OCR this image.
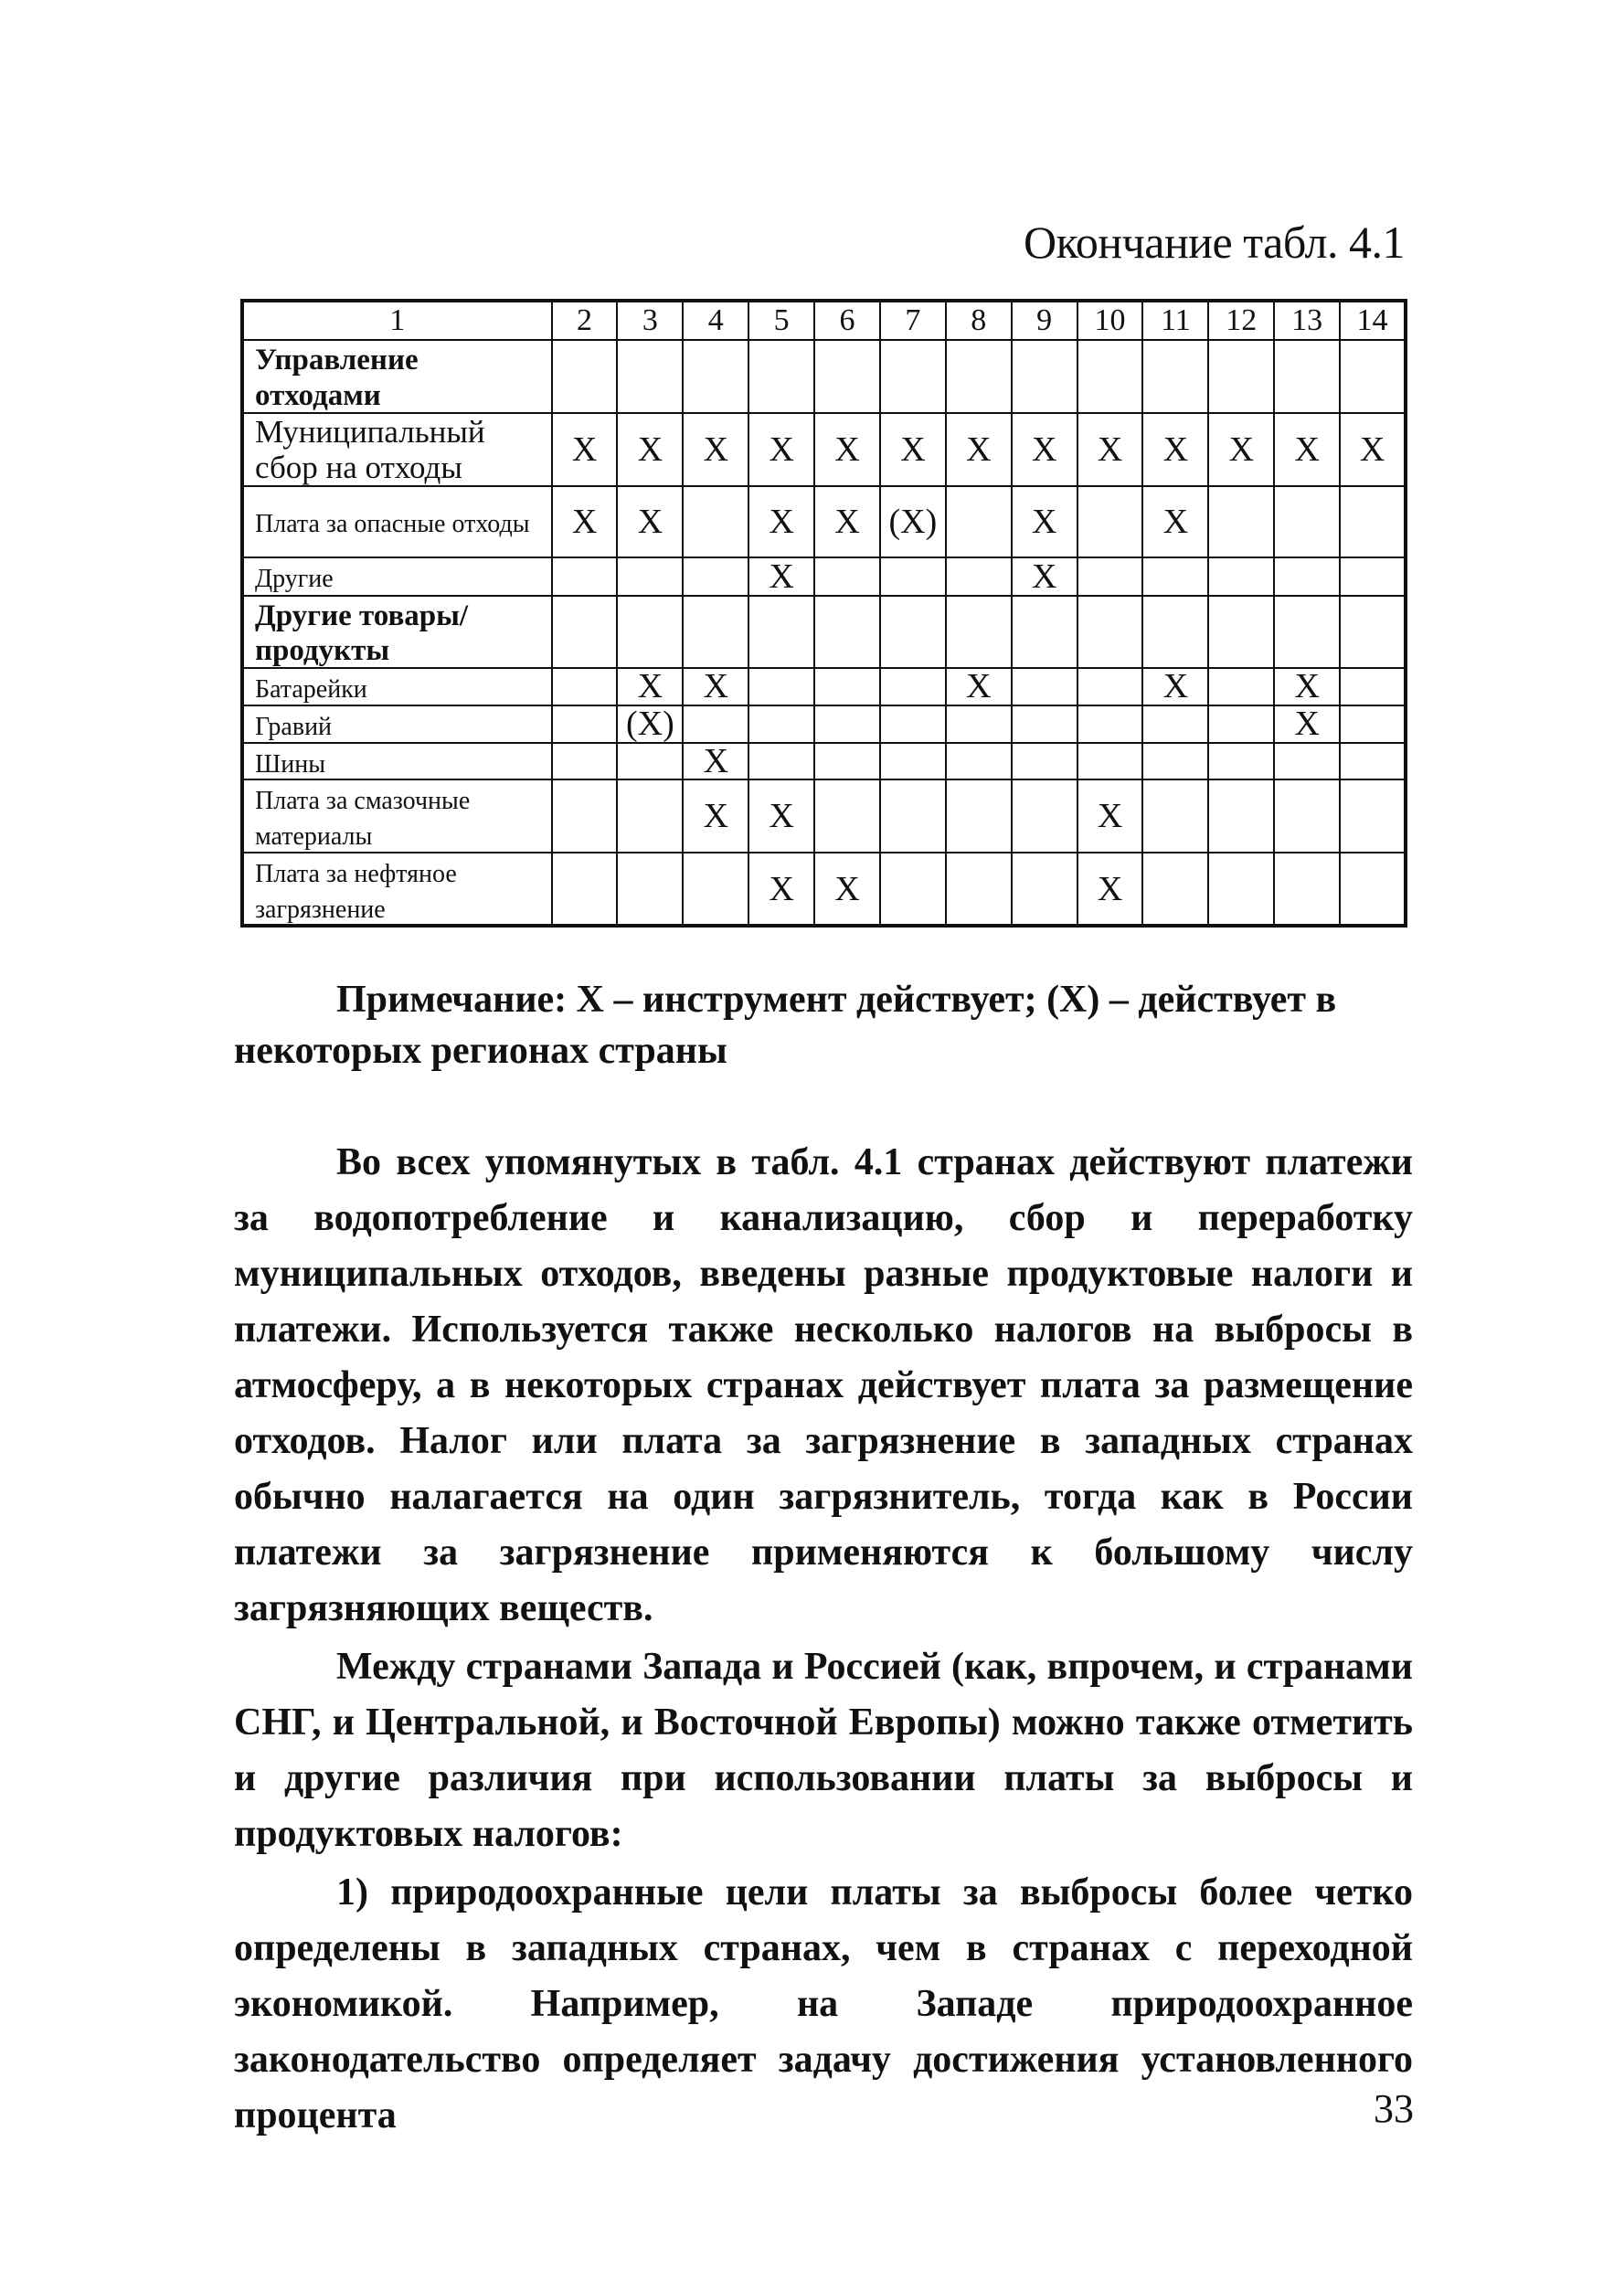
Окончание табл. 4.1
1	2	3	4	5	6	7	8	9	10	11	12	13	14
Управление отходами													
Муниципальный сбор на отходы	X	X	X	X	X	X	X	X	X	X	X	X	X
Плата за опасные отходы	X	X		X	X	(X)		X		X			
Другие				X				X					
Другие товары/продукты													
Батарейки		X	X				X			X		X	
Гравий		(X)										X	
Шины			X										
Плата за смазочные материалы			X	X					X				
Плата за нефтяное загрязнение				X	X				X				
Примечание: X – инструмент действует; (X) – действует в некоторых регионах страны

Во всех упомянутых в табл. 4.1 странах действуют платежи за водопотребление и канализацию, сбор и переработку муниципальных отходов, введены разные продуктовые налоги и платежи. Используется также несколько налогов на выбросы в атмосферу, а в некоторых странах действует плата за размещение отходов. Налог или плата за загрязнение в западных странах обычно налагается на один загрязнитель, тогда как в России платежи за загрязнение применяются к большому числу загрязняющих веществ.

Между странами Запада и Россией (как, впрочем, и странами СНГ, и Центральной, и Восточной Европы) можно также отметить и другие различия при использовании платы за выбросы и продуктовых налогов:

1) природоохранные цели платы за выбросы более четко определены в западных странах, чем в странах с переходной экономикой. Например, на Западе природоохранное законодательство определяет задачу достижения установленного процента	33
